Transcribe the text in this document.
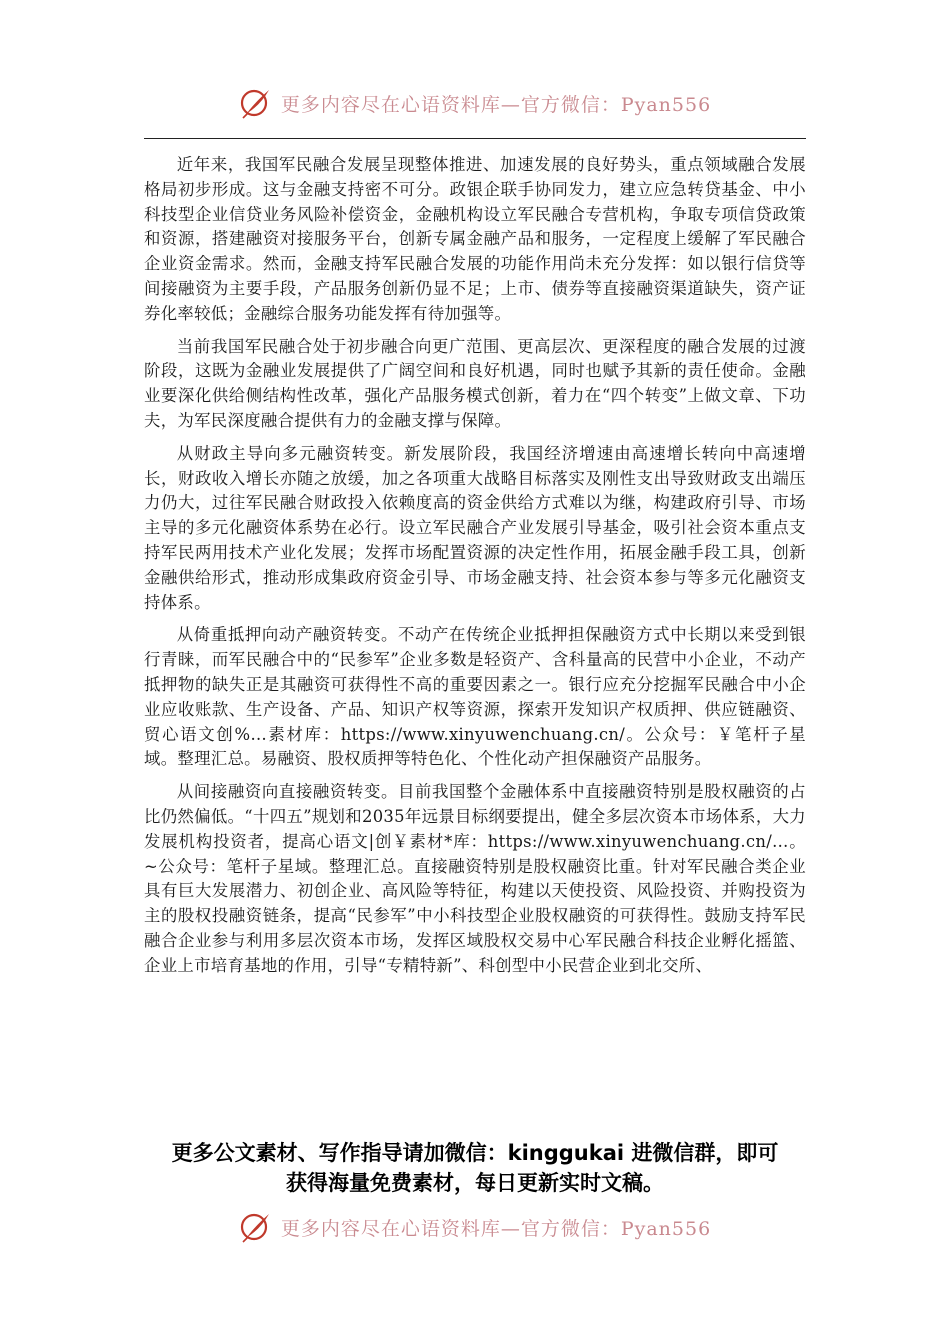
更多内容尽在心语资料库—官方微信：Pyan556

近年来，我国军民融合发展呈现整体推进、加速发展的良好势头，重点领域融合发展格局初步形成。这与金融支持密不可分。政银企联手协同发力，建立应急转贷基金、中小科技型企业信贷业务风险补偿资金，金融机构设立军民融合专营机构，争取专项信贷政策和资源，搭建融资对接服务平台，创新专属金融产品和服务，一定程度上缓解了军民融合企业资金需求。然而，金融支持军民融合发展的功能作用尚未充分发挥：如以银行信贷等间接融资为主要手段，产品服务创新仍显不足；上市、债券等直接融资渠道缺失，资产证券化率较低；金融综合服务功能发挥有待加强等。

当前我国军民融合处于初步融合向更广范围、更高层次、更深程度的融合发展的过渡阶段，这既为金融业发展提供了广阔空间和良好机遇，同时也赋予其新的责任使命。金融业要深化供给侧结构性改革，强化产品服务模式创新，着力在“四个转变”上做文章、下功夫，为军民深度融合提供有力的金融支撑与保障。

从财政主导向多元融资转变。新发展阶段，我国经济增速由高速增长转向中高速增长，财政收入增长亦随之放缓，加之各项重大战略目标落实及刚性支出导致财政支出端压力仍大，过往军民融合财政投入依赖度高的资金供给方式难以为继，构建政府引导、市场主导的多元化融资体系势在必行。设立军民融合产业发展引导基金，吸引社会资本重点支持军民两用技术产业化发展；发挥市场配置资源的决定性作用，拓展金融手段工具，创新金融供给形式，推动形成集政府资金引导、市场金融支持、社会资本参与等多元化融资支持体系。

从倚重抵押向动产融资转变。不动产在传统企业抵押担保融资方式中长期以来受到银行青睐，而军民融合中的“民参军”企业多数是轻资产、含科量高的民营中小企业，不动产抵押物的缺失正是其融资可获得性不高的重要因素之一。银行应充分挖掘军民融合中小企业应收账款、生产设备、产品、知识产权等资源，探索开发知识产权质押、供应链融资、贸心语文创%…素材库：https://www.xinyuwenchuang.cn/。公众号：￥笔杆子星域。整理汇总。易融资、股权质押等特色化、个性化动产担保融资产品服务。

从间接融资向直接融资转变。目前我国整个金融体系中直接融资特别是股权融资的占比仍然偏低。“十四五”规划和2035年远景目标纲要提出，健全多层次资本市场体系，大力发展机构投资者，提高心语文|创￥素材*库：https://www.xinyuwenchuang.cn/…。~公众号：笔杆子星域。整理汇总。直接融资特别是股权融资比重。针对军民融合类企业具有巨大发展潜力、初创企业、高风险等特征，构建以天使投资、风险投资、并购投资为主的股权投融资链条，提高“民参军”中小科技型企业股权融资的可获得性。鼓励支持军民融合企业参与利用多层次资本市场，发挥区域股权交易中心军民融合科技企业孵化摇篮、企业上市培育基地的作用，引导“专精特新”、科创型中小民营企业到北交所、

更多公文素材、写作指导请加微信：kinggukai 进微信群，即可
获得海量免费素材，每日更新实时文稿。
更多内容尽在心语资料库—官方微信：Pyan556
